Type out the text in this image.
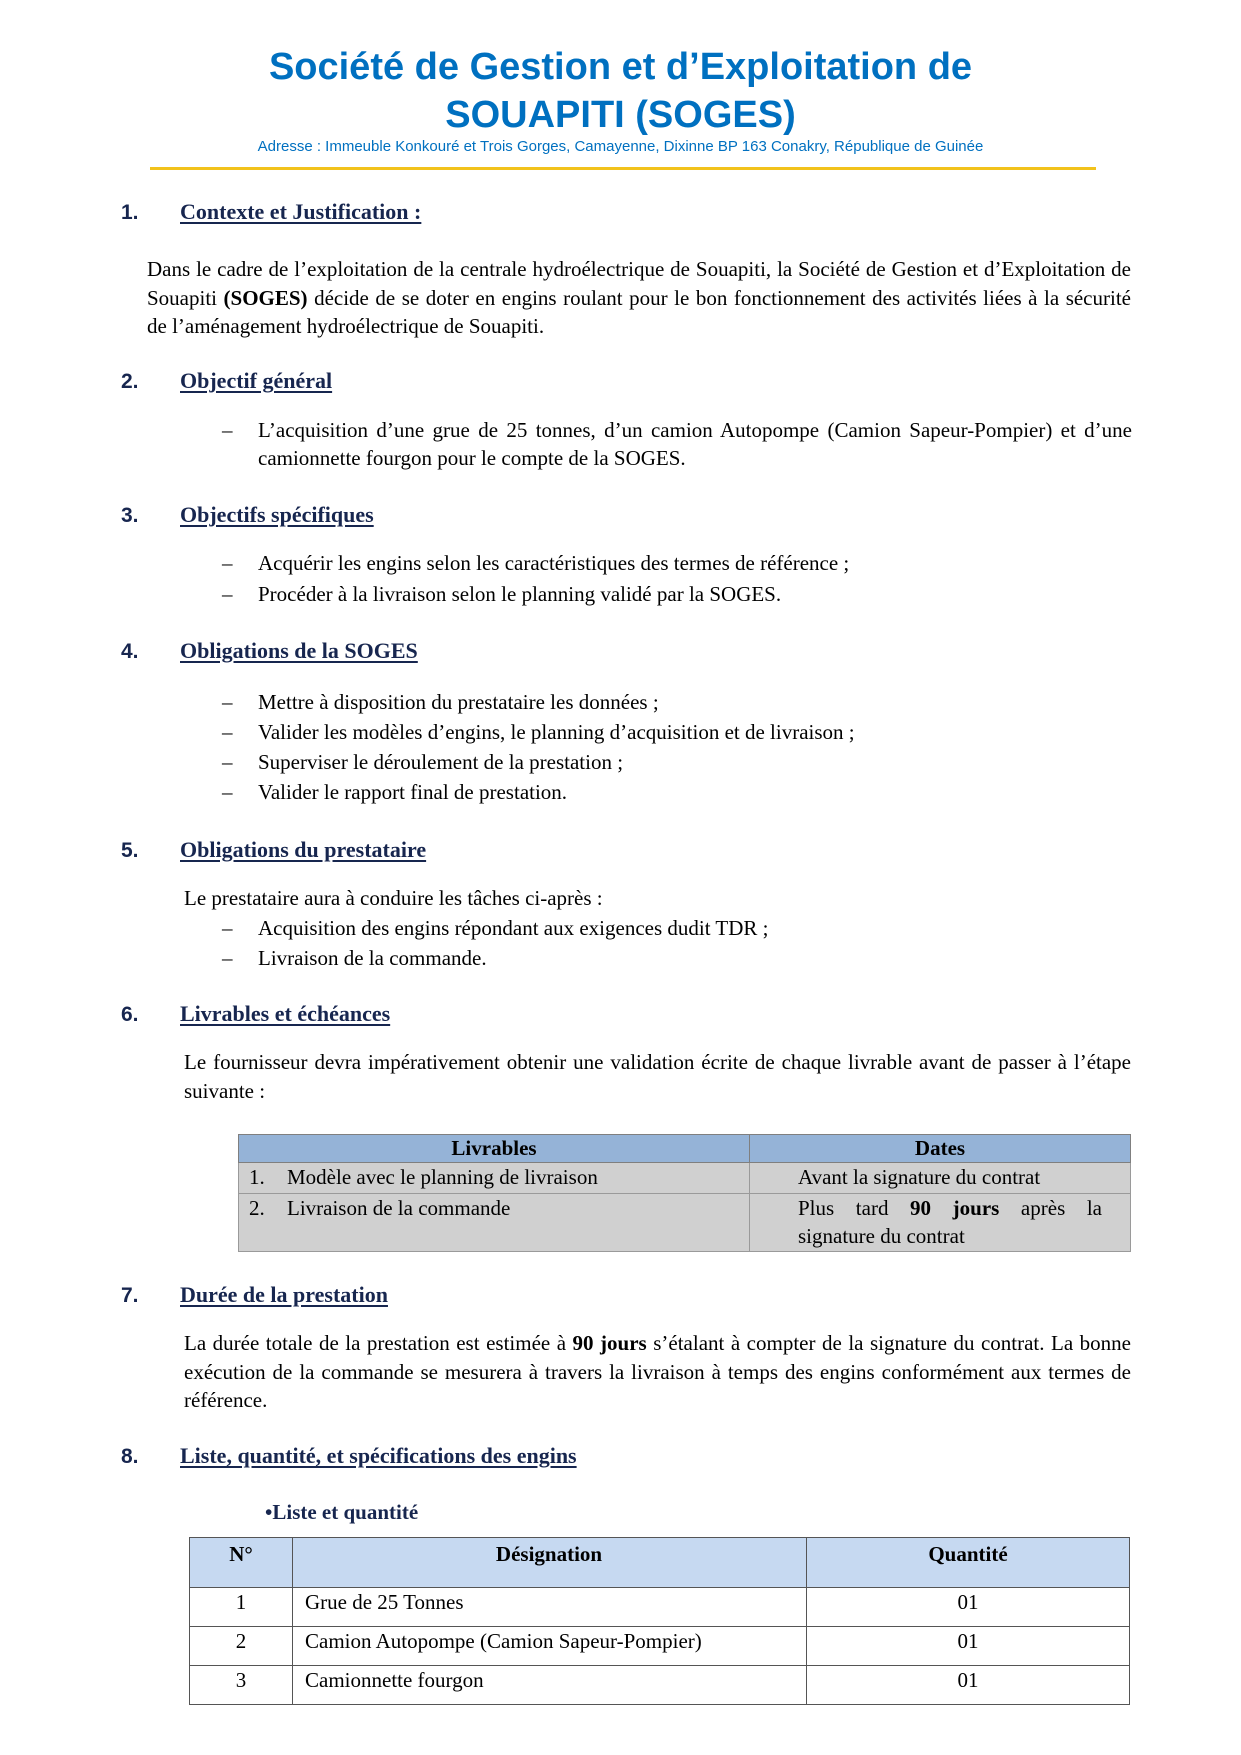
Société de Gestion et d’Exploitation de
SOUAPITI (SOGES)
Adresse : Immeuble Konkouré et Trois Gorges, Camayenne, Dixinne BP 163 Conakry, République de Guinée
1. Contexte et Justification :
Dans le cadre de l’exploitation de la centrale hydroélectrique de Souapiti, la Société de Gestion et d’Exploitation de Souapiti (SOGES) décide de se doter en engins roulant pour le bon fonctionnement des activités liées à la sécurité de l’aménagement hydroélectrique de Souapiti.
2. Objectif général
– L’acquisition d’une grue de 25 tonnes, d’un camion Autopompe (Camion Sapeur-Pompier) et d’une camionnette fourgon pour le compte de la SOGES.
3. Objectifs spécifiques
– Acquérir les engins selon les caractéristiques des termes de référence ;
– Procéder à la livraison selon le planning validé par la SOGES.
4. Obligations de la SOGES
– Mettre à disposition du prestataire les données ;
– Valider les modèles d’engins, le planning d’acquisition et de livraison ;
– Superviser le déroulement de la prestation ;
– Valider le rapport final de prestation.
5. Obligations du prestataire
Le prestataire aura à conduire les tâches ci-après :
– Acquisition des engins répondant aux exigences dudit TDR ;
– Livraison de la commande.
6. Livrables et échéances
Le fournisseur devra impérativement obtenir une validation écrite de chaque livrable avant de passer à l’étape suivante :
Livrables	Dates
1. Modèle avec le planning de livraison	Avant la signature du contrat
2. Livraison de la commande	Plus tard 90 jours après la signature du contrat
7. Durée de la prestation
La durée totale de la prestation est estimée à 90 jours s’étalant à compter de la signature du contrat. La bonne exécution de la commande se mesurera à travers la livraison à temps des engins conformément aux termes de référence.
8. Liste, quantité, et spécifications des engins
•Liste et quantité
N°	Désignation	Quantité
1	Grue de 25 Tonnes	01
2	Camion Autopompe (Camion Sapeur-Pompier)	01
3	Camionnette fourgon	01
